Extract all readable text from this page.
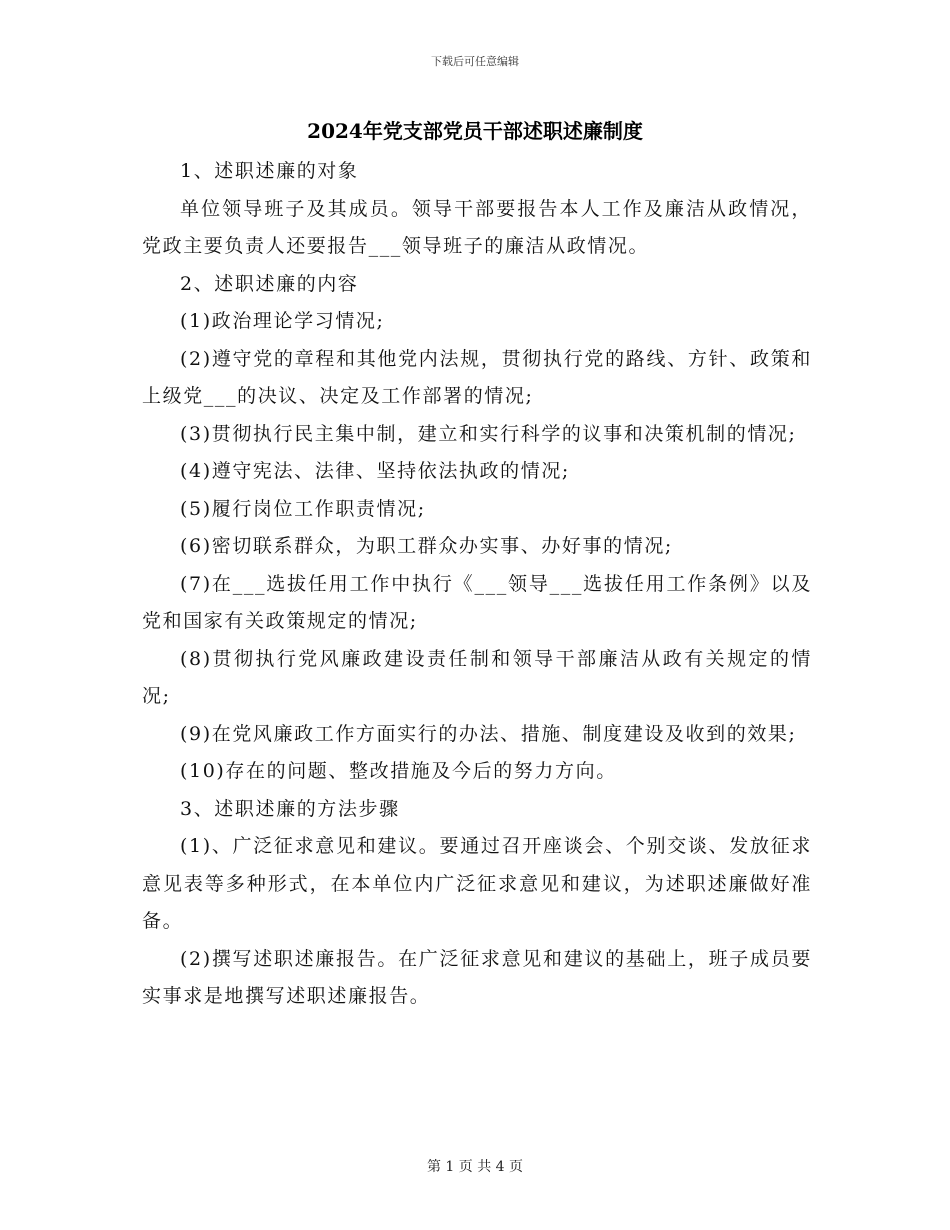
下载后可任意编辑
2024年党支部党员干部述职述廉制度

1、述职述廉的对象

单位领导班子及其成员。领导干部要报告本人工作及廉洁从政情况，党政主要负责人还要报告___领导班子的廉洁从政情况。

2、述职述廉的内容

(1)政治理论学习情况;

(2)遵守党的章程和其他党内法规，贯彻执行党的路线、方针、政策和上级党___的决议、决定及工作部署的情况;

(3)贯彻执行民主集中制，建立和实行科学的议事和决策机制的情况;

(4)遵守宪法、法律、坚持依法执政的情况;

(5)履行岗位工作职责情况;

(6)密切联系群众，为职工群众办实事、办好事的情况;

(7)在___选拔任用工作中执行《___领导___选拔任用工作条例》以及党和国家有关政策规定的情况;

(8)贯彻执行党风廉政建设责任制和领导干部廉洁从政有关规定的情况;

(9)在党风廉政工作方面实行的办法、措施、制度建设及收到的效果;

(10)存在的问题、整改措施及今后的努力方向。

3、述职述廉的方法步骤

(1)、广泛征求意见和建议。要通过召开座谈会、个别交谈、发放征求意见表等多种形式，在本单位内广泛征求意见和建议，为述职述廉做好准备。

(2)撰写述职述廉报告。在广泛征求意见和建议的基础上，班子成员要实事求是地撰写述职述廉报告。

第 1 页 共 4 页
